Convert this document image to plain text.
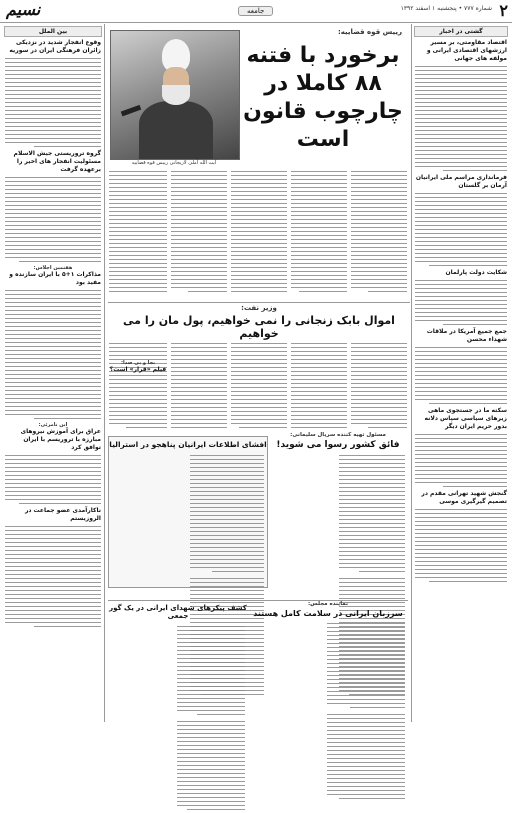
۲
شماره ۷۷۷ • پنجشنبه ۱ اسفند ۱۳۹۲
جامعه
نسیم
گشتی در اخبار
اقتصاد مقاومتی، بر مسیر ارزشهای اقتصادی ایرانی و مولفه های جهانی
فرمانداری مراسم ملی ایرانیان آرمان بر گلستان
شکایت دولت پارلمان
جمع جمیع آمریکا در ملاقات شهداء محسن
سکته ما در جستجوی ماهی زیرهای سیاسی سپاس دلانه بدور حریم ایران دیگر
گنجش شهید تهرانی مقدم در تصمیم گیرگیری موسی
رییس قوه قضاییه:
برخورد با فتنه ۸۸ کاملا در چارچوب قانون است
آیت الله آملی لاریجانی رییس قوه قضاییه
وزیر نفت:
اموال بابک زنجانی را نمی خواهیم، پول مان را می خواهیم
مسئول تهیه کننده سریال سلیمانی:
فائق کشور رسوا می شوید!
افشای اطلاعات ایرانیان پناهجو در استرالیا
بجا و بی صدا:
فیلم «قرار» است؟
نماینده مجلس:
سرزبان ایرانی در سلامت کامل هستند
کشف پیکرهای شهدای ایرانی در یک گور جمعی
بین الملل
وقوع انفجار شدید در نزدیکی زائران فرهنگی ایران در سوریه
گروه تروریستی جیش الاسلام مسئولیت انفجار های اخیر را برعهده گرفت
هفتمین اجلاس:
مذاکرات ۱+۵ با ایران سازنده و مفید بود
ابن نامرئی:
عراق برای آموزش نیروهای مبارزه با تروریسم با ایران توافق کرد
ناکارآمدی عضو جماعت در الروزیستم
